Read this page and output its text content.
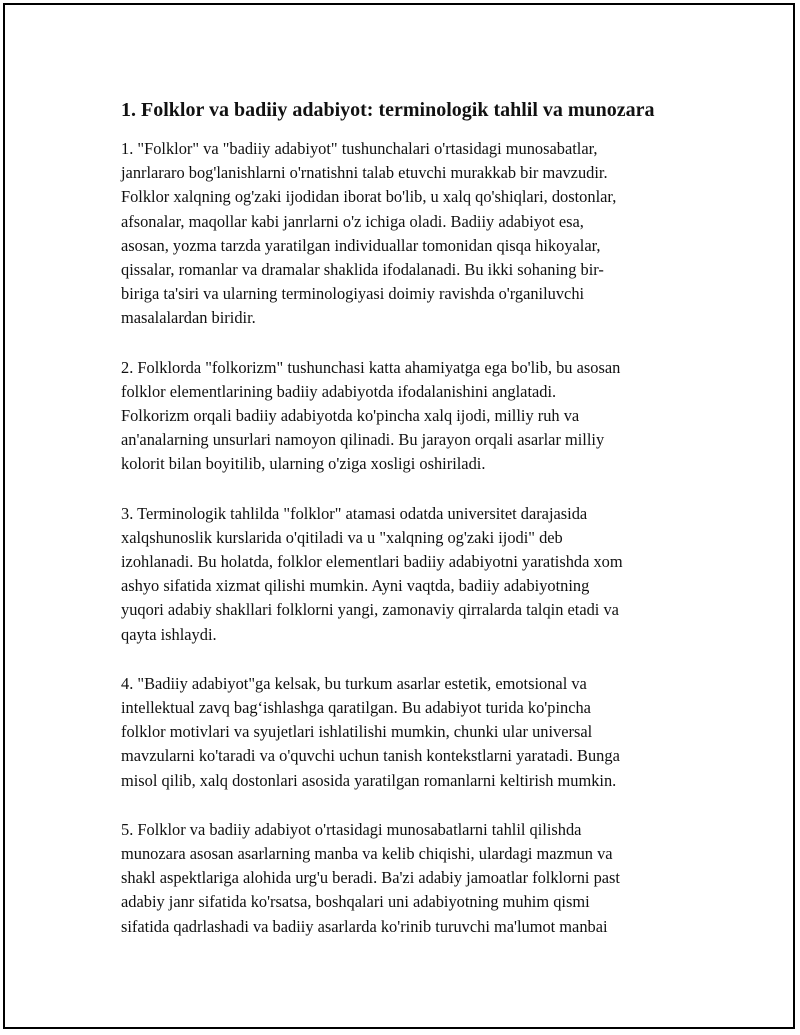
1. Folklor va badiiy adabiyot: terminologik tahlil va munozara

1. "Folklor" va "badiiy adabiyot" tushunchalari o'rtasidagi munosabatlar,
janrlararo bog'lanishlarni o'rnatishni talab etuvchi murakkab bir mavzudir.
Folklor xalqning og'zaki ijodidan iborat bo'lib, u xalq qo'shiqlari, dostonlar,
afsonalar, maqollar kabi janrlarni o'z ichiga oladi. Badiiy adabiyot esa,
asosan, yozma tarzda yaratilgan individuallar tomonidan qisqa hikoyalar,
qissalar, romanlar va dramalar shaklida ifodalanadi. Bu ikki sohaning bir-
biriga ta'siri va ularning terminologiyasi doimiy ravishda o'rganiluvchi
masalalardan biridir.

2. Folklorda "folkorizm" tushunchasi katta ahamiyatga ega bo'lib, bu asosan
folklor elementlarining badiiy adabiyotda ifodalanishini anglatadi.
Folkorizm orqali badiiy adabiyotda ko'pincha xalq ijodi, milliy ruh va
an'analarning unsurlari namoyon qilinadi. Bu jarayon orqali asarlar milliy
kolorit bilan boyitilib, ularning o'ziga xosligi oshiriladi.

3. Terminologik tahlilda "folklor" atamasi odatda universitet darajasida
xalqshunoslik kurslarida o'qitiladi va u "xalqning og'zaki ijodi" deb
izohlanadi. Bu holatda, folklor elementlari badiiy adabiyotni yaratishda xom
ashyo sifatida xizmat qilishi mumkin. Ayni vaqtda, badiiy adabiyotning
yuqori adabiy shakllari folklorni yangi, zamonaviy qirralarda talqin etadi va
qayta ishlaydi.

4. "Badiiy adabiyot"ga kelsak, bu turkum asarlar estetik, emotsional va
intellektual zavq bag‘ishlashga qaratilgan. Bu adabiyot turida ko'pincha
folklor motivlari va syujetlari ishlatilishi mumkin, chunki ular universal
mavzularni ko'taradi va o'quvchi uchun tanish kontekstlarni yaratadi. Bunga
misol qilib, xalq dostonlari asosida yaratilgan romanlarni keltirish mumkin.

5. Folklor va badiiy adabiyot o'rtasidagi munosabatlarni tahlil qilishda
munozara asosan asarlarning manba va kelib chiqishi, ulardagi mazmun va
shakl aspektlariga alohida urg'u beradi. Ba'zi adabiy jamoatlar folklorni past
adabiy janr sifatida ko'rsatsa, boshqalari uni adabiyotning muhim qismi
sifatida qadrlashadi va badiiy asarlarda ko'rinib turuvchi ma'lumot manbai
